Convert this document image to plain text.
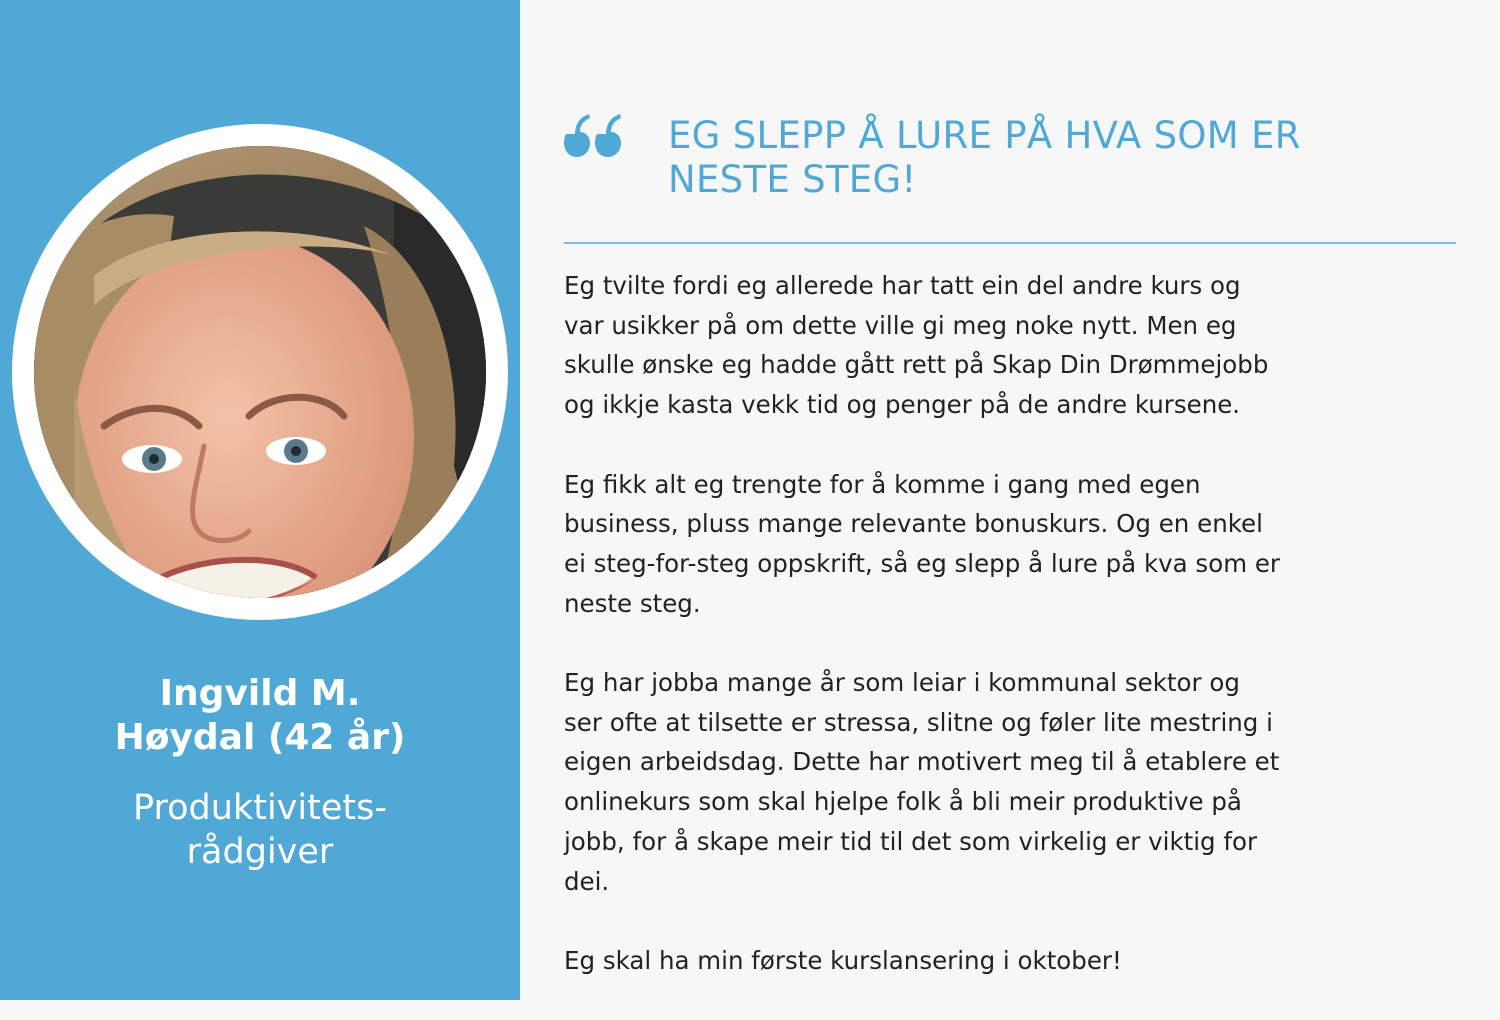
Ingvild M.
Høydal (42 år)
Produktivitets-
rådgiver
EG SLEPP Å LURE PÅ HVA SOM ER
NESTE STEG!

Eg tvilte fordi eg allerede har tatt ein del andre kurs og
var usikker på om dette ville gi meg noke nytt. Men eg
skulle ønske eg hadde gått rett på Skap Din Drømmejobb
og ikkje kasta vekk tid og penger på de andre kursene.

Eg fikk alt eg trengte for å komme i gang med egen
business, pluss mange relevante bonuskurs. Og en enkel
ei steg-for-steg oppskrift, så eg slepp å lure på kva som er
neste steg.

Eg har jobba mange år som leiar i kommunal sektor og
ser ofte at tilsette er stressa, slitne og føler lite mestring i
eigen arbeidsdag. Dette har motivert meg til å etablere et
onlinekurs som skal hjelpe folk å bli meir produktive på
jobb, for å skape meir tid til det som virkelig er viktig for
dei.

Eg skal ha min første kurslansering i oktober!
